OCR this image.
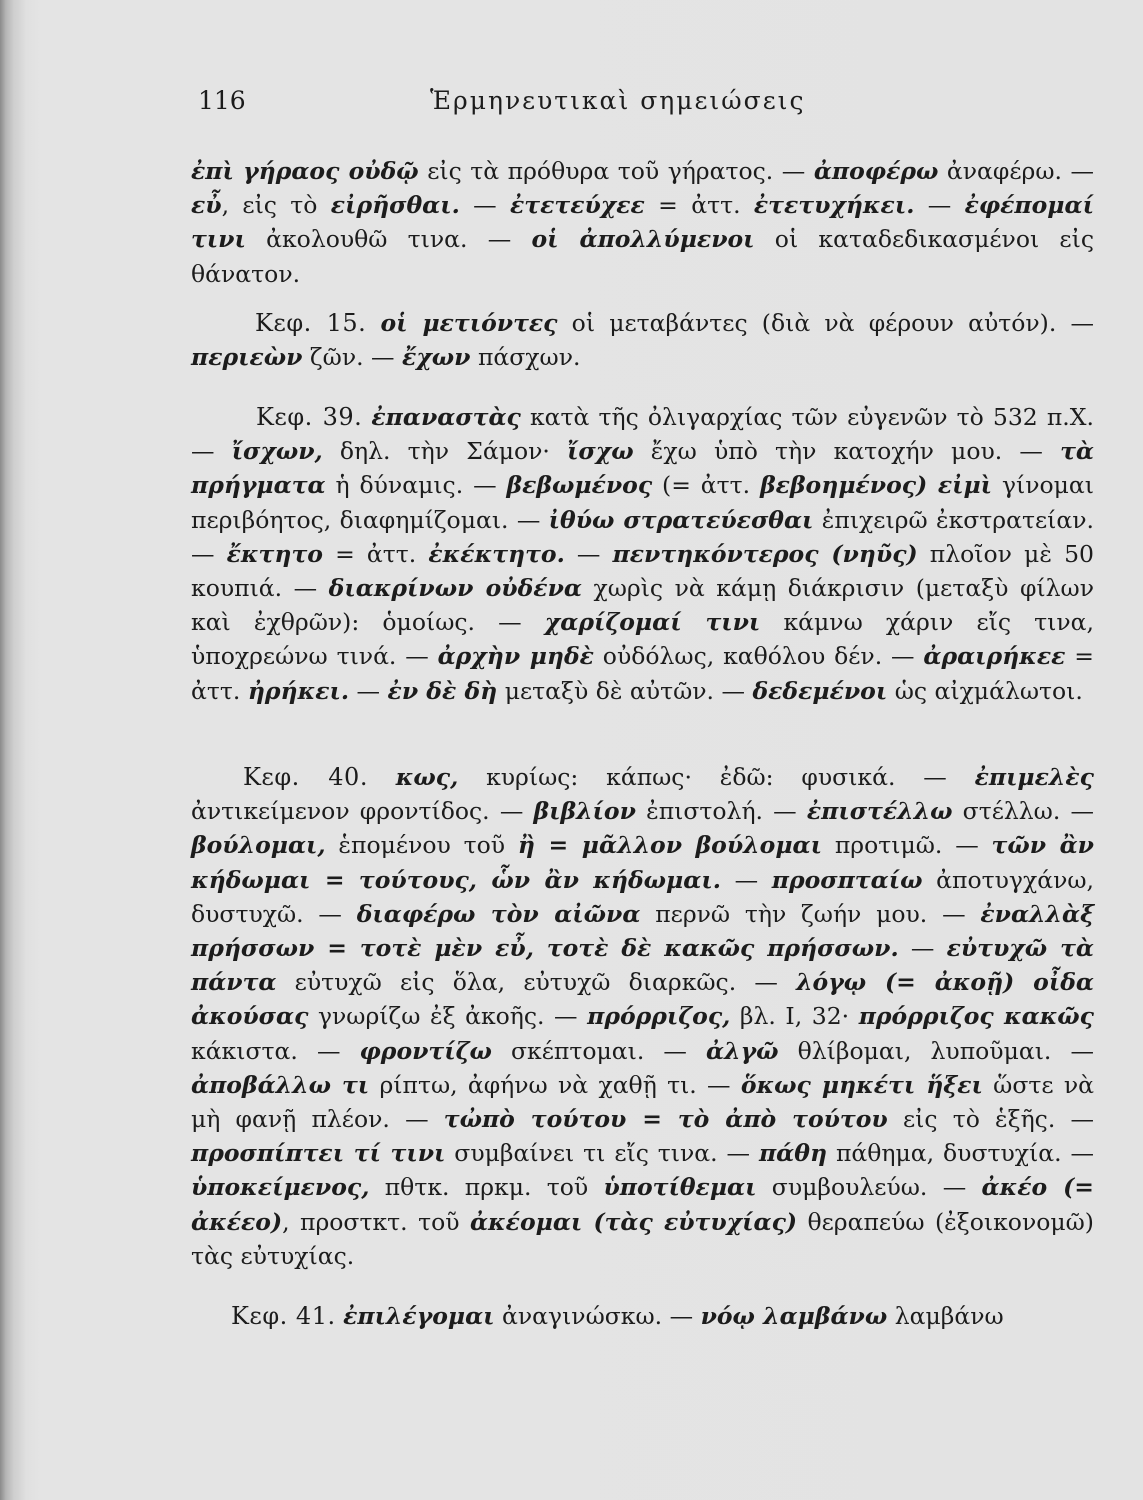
116	Ἑρμηνευτικαὶ σημειώσεις

ἐπὶ γήραος οὐδῷ εἰς τὰ πρόθυρα τοῦ γήρατος. — ἀποφέρω ἀναφέρω. — εὖ, εἰς τὸ εἰρῆσθαι. — ἐτετεύχεε = ἀττ. ἐτετυχήκει. — ἐφέπομαί τινι ἀκολουθῶ τινα. — οἱ ἀπολλύμενοι οἱ καταδεδικασμένοι εἰς θάνατον.

Κεφ. 15. οἱ μετιόντες οἱ μεταβάντες (διὰ νὰ φέρουν αὐτόν). — περιεὼν ζῶν. — ἔχων πάσχων.

Κεφ. 39. ἐπαναστὰς κατὰ τῆς ὀλιγαρχίας τῶν εὐγενῶν τὸ 532 π.Χ. — ἴσχων, δηλ. τὴν Σάμον· ἴσχω ἔχω ὑπὸ τὴν κατοχήν μου. — τὰ πρήγματα ἡ δύναμις. — βεβωμένος (= ἀττ. βεβοημένος) εἰμὶ γίνομαι περιβόητος, διαφημίζομαι. — ἰθύω στρατεύεσθαι ἐπιχειρῶ ἐκστρατείαν. — ἔκτητο = ἀττ. ἐκέκτητο. — πεντηκόντερος (νηῦς) πλοῖον μὲ 50 κουπιά. — διακρίνων οὐδένα χωρὶς νὰ κάμῃ διάκρισιν (μεταξὺ φίλων καὶ ἐχθρῶν): ὁμοίως. — χαρίζομαί τινι κάμνω χάριν εἴς τινα, ὑποχρεώνω τινά. — ἀρχὴν μηδὲ οὐδόλως, καθόλου δέν. — ἀραιρήκεε = ἀττ. ἠρήκει. — ἐν δὲ δὴ μεταξὺ δὲ αὐτῶν. — δεδεμένοι ὡς αἰχμάλωτοι.

Κεφ. 40. κως, κυρίως: κάπως· ἐδῶ: φυσικά. — ἐπιμελὲς ἀντικείμενον φροντίδος. — βιβλίον ἐπιστολή. — ἐπιστέλλω στέλλω. — βούλομαι, ἑπομένου τοῦ ἢ = μᾶλλον βούλομαι προτιμῶ. — τῶν ἂν κήδωμαι = τούτους, ὧν ἂν κήδωμαι. — προσπταίω ἀποτυγχάνω, δυστυχῶ. — διαφέρω τὸν αἰῶνα περνῶ τὴν ζωήν μου. — ἐναλλὰξ πρήσσων = τοτὲ μὲν εὖ, τοτὲ δὲ κακῶς πρήσσων. — εὐτυχῶ τὰ πάντα εὐτυχῶ εἰς ὅλα, εὐτυχῶ διαρκῶς. — λόγῳ (= ἀκοῇ) οἶδα ἀκούσας γνωρίζω ἐξ ἀκοῆς. — πρόρριζος, βλ. I, 32· πρόρριζος κακῶς κάκιστα. — φροντίζω σκέπτομαι. — ἀλγῶ θλίβομαι, λυποῦμαι. — ἀποβάλλω τι ρίπτω, ἀφήνω νὰ χαθῇ τι. — ὅκως μηκέτι ἥξει ὥστε νὰ μὴ φανῇ πλέον. — τὠπὸ τούτου = τὸ ἀπὸ τούτου εἰς τὸ ἑξῆς. — προσπίπτει τί τινι συμβαίνει τι εἴς τινα. — πάθη πάθημα, δυστυχία. — ὑποκείμενος, πθτκ. πρκμ. τοῦ ὑποτίθεμαι συμβουλεύω. — ἀκέο (= ἀκέεο), προστκτ. τοῦ ἀκέομαι (τὰς εὐτυχίας) θεραπεύω (ἐξοικονομῶ) τὰς εὐτυχίας.

Κεφ. 41. ἐπιλέγομαι ἀναγινώσκω. — νόῳ λαμβάνω λαμβάνω
